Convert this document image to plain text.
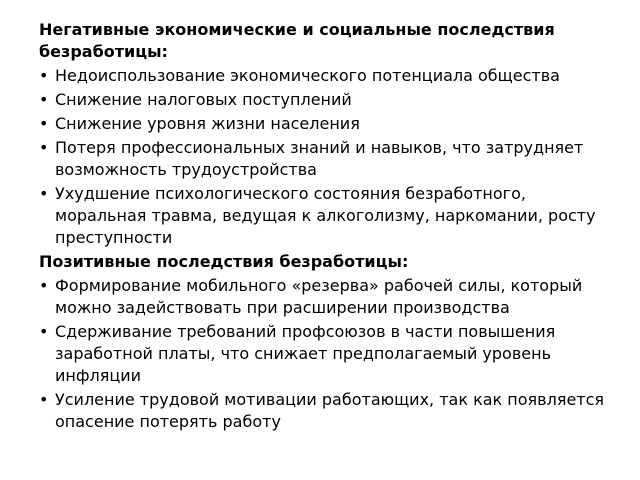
Негативные экономические и социальные последствия безработицы:

• Недоиспользование экономического потенциала общества
• Снижение налоговых поступлений
• Снижение уровня жизни населения
• Потеря профессиональных знаний и навыков, что затрудняет возможность трудоустройства
• Ухудшение психологического состояния безработного, моральная травма, ведущая к алкоголизму, наркомании, росту преступности

Позитивные последствия безработицы:

• Формирование мобильного «резерва» рабочей силы, который можно задействовать при расширении производства
• Сдерживание требований профсоюзов в части повышения заработной платы, что снижает предполагаемый уровень инфляции
• Усиление трудовой мотивации работающих, так как появляется опасение потерять работу
